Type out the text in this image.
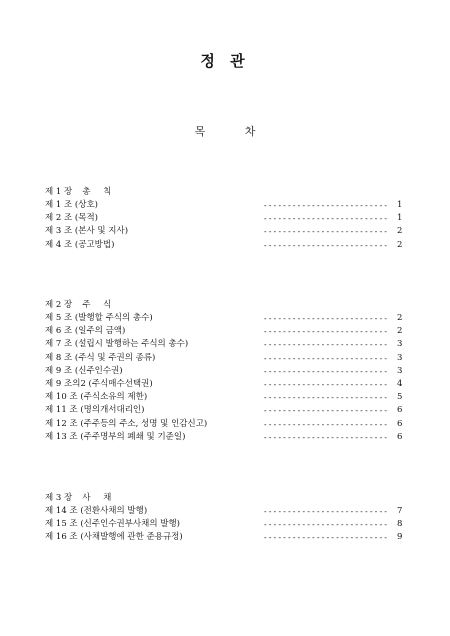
정 관
목 차
제 1 장 총 칙
제 1 조 (상호)	--------------------------	1
제 2 조 (목적)	--------------------------	1
제 3 조 (본사 및 지사)	--------------------------	2
제 4 조 (공고방법)	--------------------------	2
제 2 장 주 식
제 5 조 (발행할 주식의 총수)	--------------------------	2
제 6 조 (일주의 금액)	--------------------------	2
제 7 조 (설립시 발행하는 주식의 총수)	--------------------------	3
제 8 조 (주식 및 주권의 종류)	--------------------------	3
제 9 조 (신주인수권)	--------------------------	3
제 9 조의2 (주식매수선택권)	--------------------------	4
제 10 조 (주식소유의 제한)	--------------------------	5
제 11 조 (명의개서대리인)	--------------------------	6
제 12 조 (주주등의 주소, 성명 및 인감신고)	--------------------------	6
제 13 조 (주주명부의 폐쇄 및 기준일)	--------------------------	6
제 3 장 사 채
제 14 조 (전환사채의 발행)	--------------------------	7
제 15 조 (신주인수권부사채의 발행)	--------------------------	8
제 16 조 (사채발행에 관한 준용규정)	--------------------------	9
